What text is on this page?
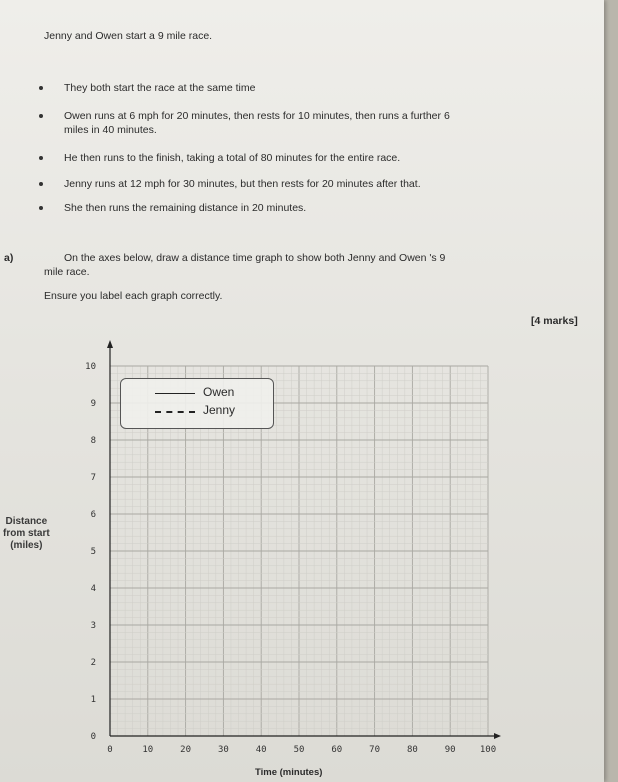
Jenny and Owen start a 9 mile race.
They both start the race at the same time
Owen runs at 6 mph for 20 minutes, then rests for 10 minutes, then runs a further 6
miles in 40 minutes.
He then runs to the finish, taking a total of 80 minutes for the entire race.
Jenny runs at 12 mph for 30 minutes, but then rests for 20 minutes after that.
She then runs the remaining distance in 20 minutes.
a)	On the axes below, draw a distance time graph to show both Jenny and Owen 's 9
mile race.
Ensure you label each graph correctly.
[4 marks]
0	10	20	30	40	50	60	70	80	90	100
0
1
2
3
4
5
6
7
8
9
10
Distance
from start
(miles)
Owen
Jenny
Time (minutes)
